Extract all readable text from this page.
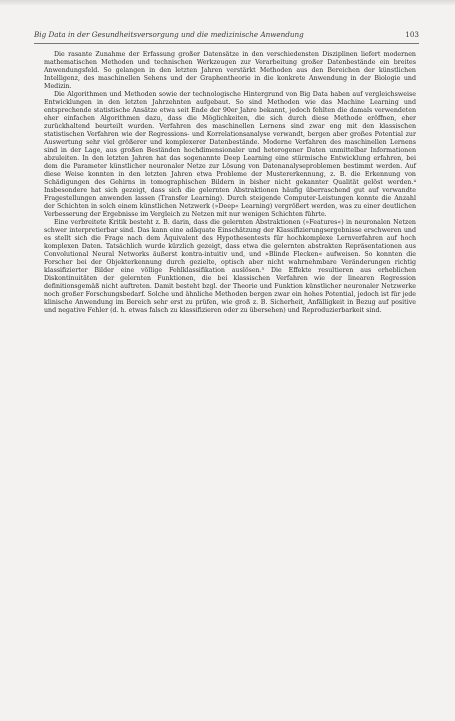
Big Data in der Gesundheitsversorgung und die medizinische Anwendung	103

Die rasante Zunahme der Erfassung großer Datensätze in den verschiedensten Disziplinen liefert modernen mathematischen Methoden und technischen Werkzeugen zur Verarbeitung großer Datenbestände ein breites Anwendungsfeld. So gelangen in den letzten Jahren verstärkt Methoden aus den Bereichen der künstlichen Intelligenz, des maschinellen Sehens und der Graphentheorie in die konkrete Anwendung in der Biologie und Medizin.

Die Algorithmen und Methoden sowie der technologische Hintergrund von Big Data haben auf vergleichsweise Entwicklungen in den letzten Jahrzehnten aufgebaut. So sind Methoden wie das Machine Learning und entsprechende statistische Ansätze etwa seit Ende der 90er Jahre bekannt, jedoch fehlten die damals verwendeten eher einfachen Algorithmen dazu, dass die Möglichkeiten, die sich durch diese Methode eröffnen, eher zurückhaltend beurteilt wurden. Verfahren des maschinellen Lernens sind zwar eng mit den klassischen statistischen Verfahren wie der Regressions- und Korrelationsanalyse verwandt, bergen aber großes Potential zur Auswertung sehr viel größerer und komplexerer Datenbestände. Moderne Verfahren des maschinellen Lernens sind in der Lage, aus großen Beständen hochdimensionaler und heterogener Daten unmittelbar Informationen abzuleiten. In den letzten Jahren hat das sogenannte Deep Learning eine stürmische Entwicklung erfahren, bei dem die Parameter künstlicher neuronaler Netze zur Lösung von Datenanalyseproblemen bestimmt werden. Auf diese Weise konnten in den letzten Jahren etwa Probleme der Mustererkennung, z. B. die Erkennung von Schädigungen des Gehirns in tomographischen Bildern in bisher nicht gekannter Qualität gelöst werden.⁴ Insbesondere hat sich gezeigt, dass sich die gelernten Abstraktionen häufig überraschend gut auf verwandte Fragestellungen anwenden lassen (Transfer Learning). Durch steigende Computer-Leistungen konnte die Anzahl der Schichten in solch einem künstlichen Netzwerk (»Deep« Learning) vergrößert werden, was zu einer deutlichen Verbesserung der Ergebnisse im Vergleich zu Netzen mit nur wenigen Schichten führte.

Eine verbreitete Kritik besteht z. B. darin, dass die gelernten Abstraktionen (»Features«) in neuronalen Netzen schwer interpretierbar sind. Das kann eine adäquate Einschätzung der Klassifizierungsergebnisse erschweren und es stellt sich die Frage nach dem Äquivalent des Hypothesentests für hochkomplexe Lernverfahren auf hoch komplexen Daten. Tatsächlich wurde kürzlich gezeigt, dass etwa die gelernten abstrakten Repräsentationen aus Convolutional Neural Networks äußerst kontra-intuitiv und, und »Blinde Flecken« aufweisen. So konnten die Forscher bei der Objekterkennung durch gezielte, optisch aber nicht wahrnehmbare Veränderungen richtig klassifizierter Bilder eine völlige Fehlklassifikation auslösen.⁵ Die Effekte resultieren aus erheblichen Diskontinuitäten der gelernten Funktionen, die bei klassischen Verfahren wie der linearen Regression definitionsgemäß nicht auftreten. Damit besteht bzgl. der Theorie und Funktion künstlicher neuronaler Netzwerke noch großer Forschungsbedarf. Solche und ähnliche Methoden bergen zwar ein hohes Potential, jedoch ist für jede klinische Anwendung im Bereich sehr erst zu prüfen, wie groß z. B. Sicherheit, Anfälligkeit in Bezug auf positive und negative Fehler (d. h. etwas falsch zu klassifizieren oder zu übersehen) und Reproduzierbarkeit sind.
